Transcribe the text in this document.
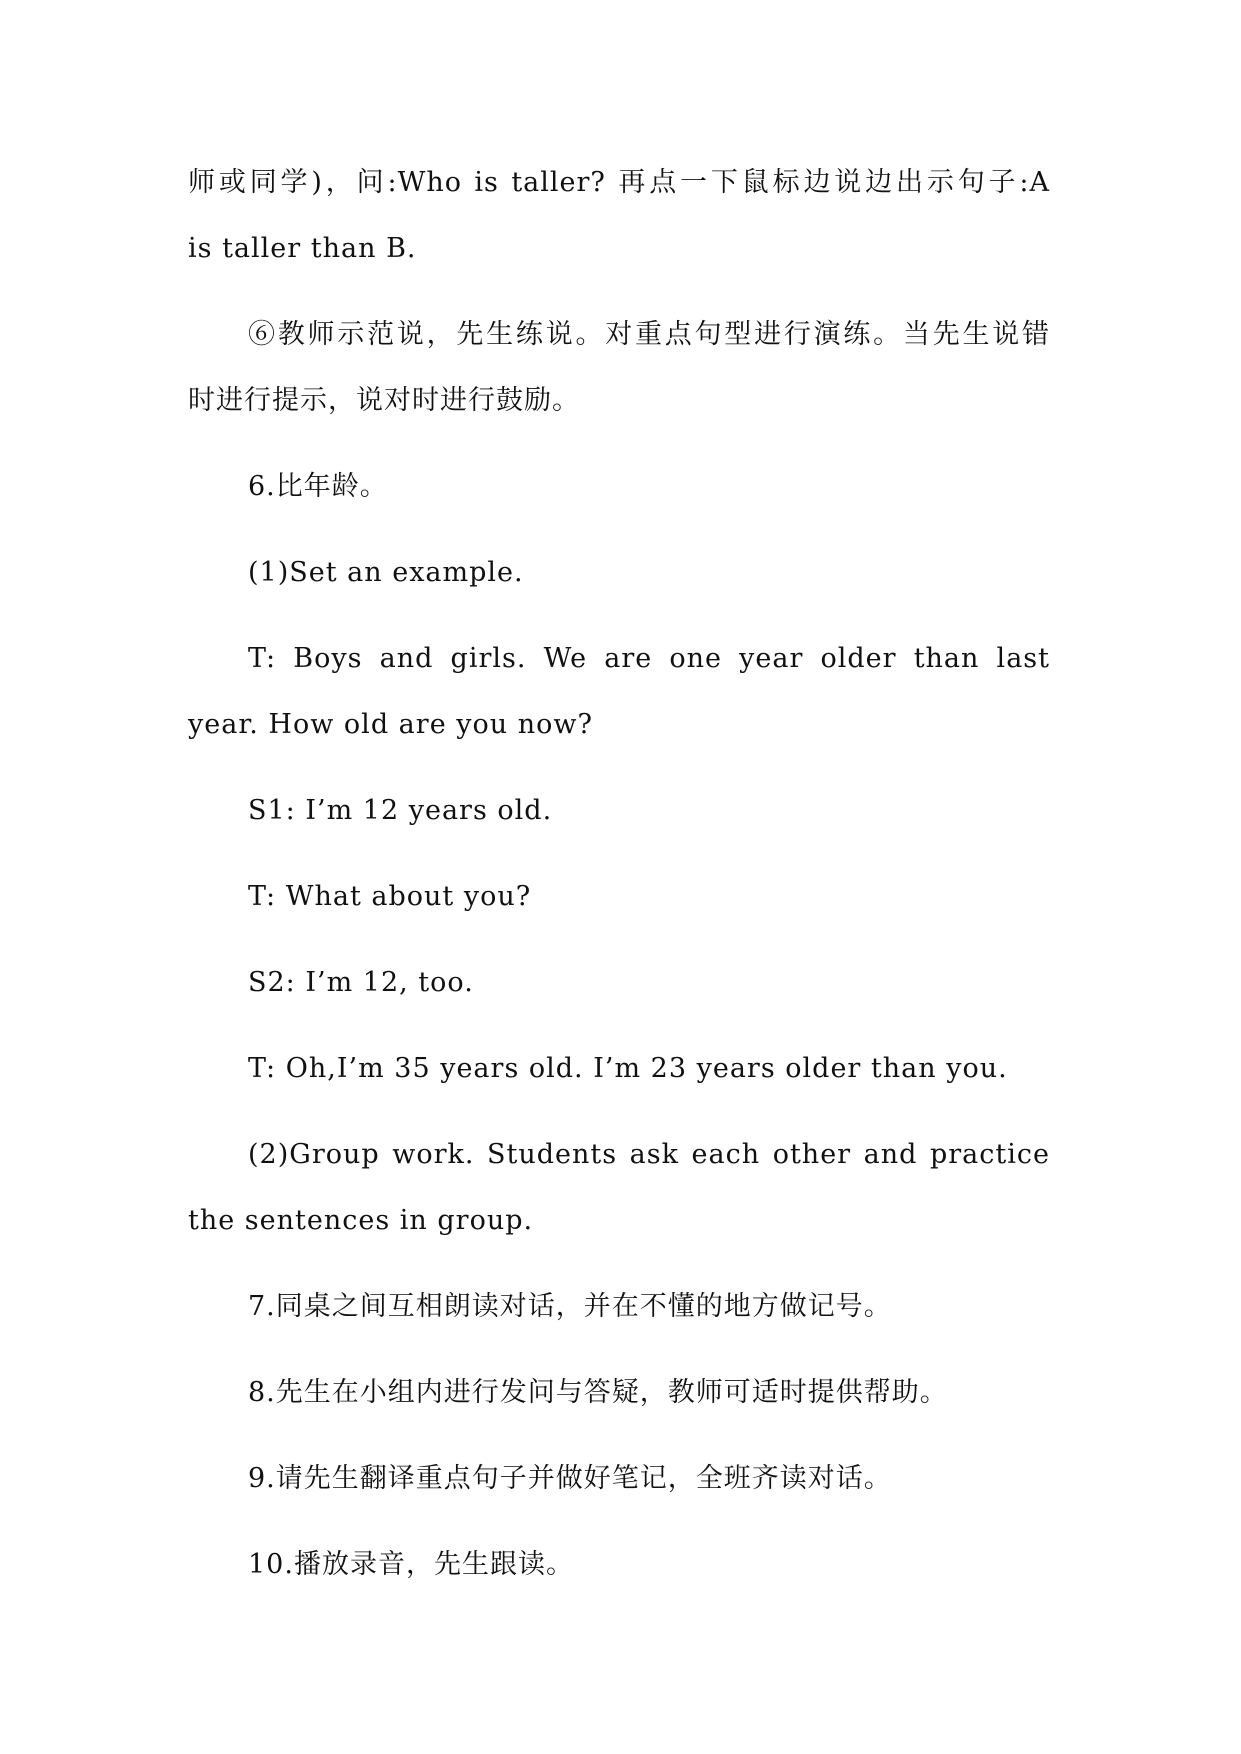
师或同学)，问:Who is taller? 再点一下鼠标边说边出示句子:A

is taller than B.

⑥教师示范说，先生练说。对重点句型进行演练。当先生说错

时进行提示，说对时进行鼓励。

6.比年龄。

(1)Set an example.

T: Boys and girls. We are one year older than last

year. How old are you now?

S1: I’m 12 years old.

T: What about you?

S2: I’m 12, too.

T: Oh,I’m 35 years old. I’m 23 years older than you.

(2)Group work. Students ask each other and practice

the sentences in group.

7.同桌之间互相朗读对话，并在不懂的地方做记号。

8.先生在小组内进行发问与答疑，教师可适时提供帮助。

9.请先生翻译重点句子并做好笔记，全班齐读对话。

10.播放录音，先生跟读。
